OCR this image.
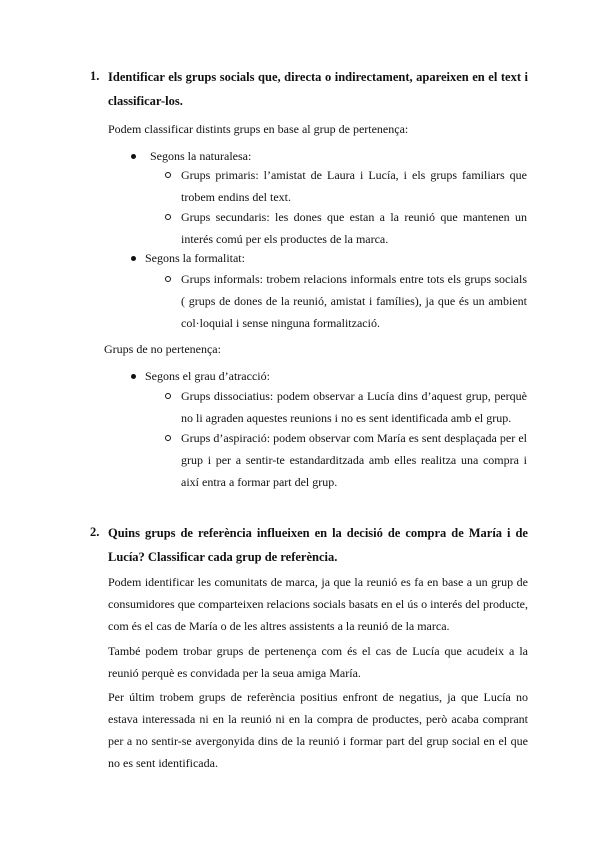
1. Identificar els grups socials que, directa o indirectament, apareixen en el text i classificar-los.
Podem classificar distints grups en base al grup de pertenença:
Segons la naturalesa:
Grups primaris: l’amistat de Laura i Lucía, i els grups familiars que trobem endins del text.
Grups secundaris: les dones que estan a la reunió que mantenen un interés comú per els productes de la marca.
Segons la formalitat:
Grups informals: trobem relacions informals entre tots els grups socials ( grups de dones de la reunió, amistat i famílies), ja que és un ambient col·loquial i sense ninguna formalització.
Grups de no pertenença:
Segons el grau d’atracció:
Grups dissociatius: podem observar a Lucía dins d’aquest grup, perquè no li agraden aquestes reunions i no es sent identificada amb el grup.
Grups d’aspiració: podem observar com María es sent desplaçada per el grup i per a sentir-te estandarditzada amb elles realitza una compra i així entra a formar part del grup.
2. Quins grups de referència influeixen en la decisió de compra de María i de Lucía? Classificar cada grup de referència.
Podem identificar les comunitats de marca, ja que la reunió es fa en base a un grup de consumidores que comparteixen relacions socials basats en el ús o interés del producte, com és el cas de María o de les altres assistents a la reunió de la marca.
També podem trobar grups de pertenença com és el cas de Lucía que acudeix a la reunió perquè es convidada per la seua amiga María.
Per últim trobem grups de referència positius enfront de negatius, ja que Lucía no estava interessada ni en la reunió ni en la compra de productes, però acaba comprant per a no sentir-se avergonyida dins de la reunió i formar part del grup social en el que no es sent identificada.
